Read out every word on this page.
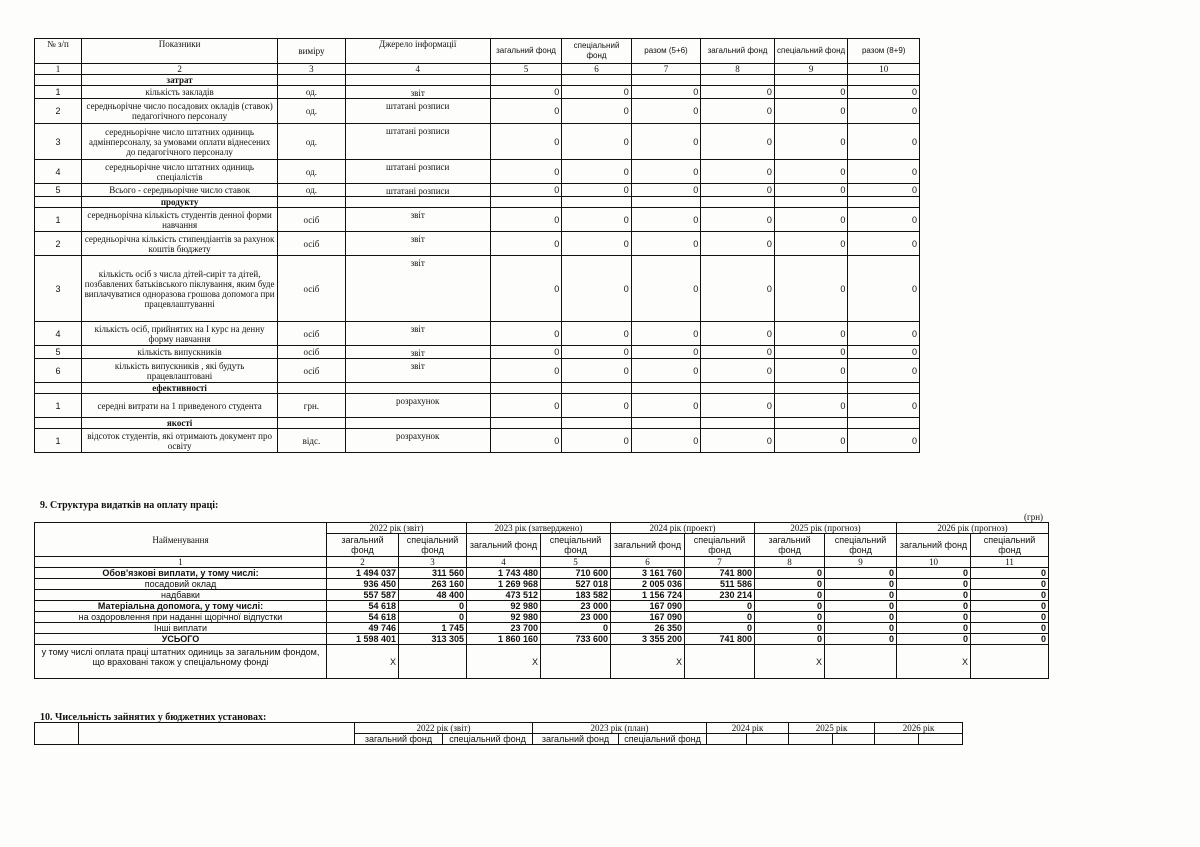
№ з/п	Показники	виміру	Джерело інформації	загальний фонд	спеціальний фонд	разом (5+6)	загальний фонд	спеціальний фонд	разом (8+9)
1	2	3	4	5	6	7	8	9	10
	затрат								
1	кількість закладів	од.	звіт	0	0	0	0	0	0
2	середньорічне число посадових окладів (ставок) педагогічного персоналу	од.	штатані розписи	0	0	0	0	0	0
3	середньорічне число штатних одиниць адмінперсоналу, за умовами оплати віднесених до педагогічного персоналу	од.	штатані розписи	0	0	0	0	0	0
4	середньорічне число штатних одиниць спеціалістів	од.	штатані розписи	0	0	0	0	0	0
5	Всього - середньорічне число ставок	од.	штатані розписи	0	0	0	0	0	0
	продукту								
1	середньорічна кількість студентів денної форми навчання	осіб	звіт	0	0	0	0	0	0
2	середньорічна кількість стипендіантів за рахунок коштів бюджету	осіб	звіт	0	0	0	0	0	0
3	кількість осіб з числа дітей-сиріт та дітей, позбавлених батьківського піклування, яким буде виплачуватися одноразова грошова допомога при працевлаштуванні	осіб	звіт	0	0	0	0	0	0
4	кількість осіб, прийнятих на І курс на денну форму навчання	осіб	звіт	0	0	0	0	0	0
5	кількість випускників	осіб	звіт	0	0	0	0	0	0
6	кількість випускників , які будуть працевлаштовані	осіб	звіт	0	0	0	0	0	0
	ефективності								
1	середні витрати на 1 приведеного студента	грн.	розрахунок	0	0	0	0	0	0
	якості								
1	відсоток студентів, які отримають документ про освіту	відс.	розрахунок	0	0	0	0	0	0

9. Структура видатків на оплату праці:

(грн)
Найменування	2022 рік (звіт)		2023 рік (затверджено)		2024 рік (проект)		2025 рік (прогноз)		2026 рік (прогноз)	
	загальний фонд	спеціальний фонд	загальний фонд	спеціальний фонд	загальний фонд	спеціальний фонд	загальний фонд	спеціальний фонд	загальний фонд	спеціальний фонд
1	2	3	4	5	6	7	8	9	10	11
Обов'язкові виплати, у тому числі:	1 494 037	311 560	1 743 480	710 600	3 161 760	741 800	0	0	0	0
посадовий оклад	936 450	263 160	1 269 968	527 018	2 005 036	511 586	0	0	0	0
надбавки	557 587	48 400	473 512	183 582	1 156 724	230 214	0	0	0	0
Матеріальна допомога, у тому числі:	54 618	0	92 980	23 000	167 090	0	0	0	0	0
на оздоровлення при наданні щорічної відпустки	54 618	0	92 980	23 000	167 090	0	0	0	0	0
Інші виплати	49 746	1 745	23 700	0	26 350	0	0	0	0	0
УСЬОГО	1 598 401	313 305	1 860 160	733 600	3 355 200	741 800	0	0	0	0
у тому числі оплата праці штатних одиниць за загальним фондом, що враховані також у спеціальному фонді	X		X		X		X		X	

10. Чисельність зайнятих у бюджетних установах:

		2022 рік (звіт)		2023 рік (план)		2024 рік		2025 рік		2026 рік	
		загальний фонд	спеціальний фонд	загальний фонд	спеціальний фонд						
